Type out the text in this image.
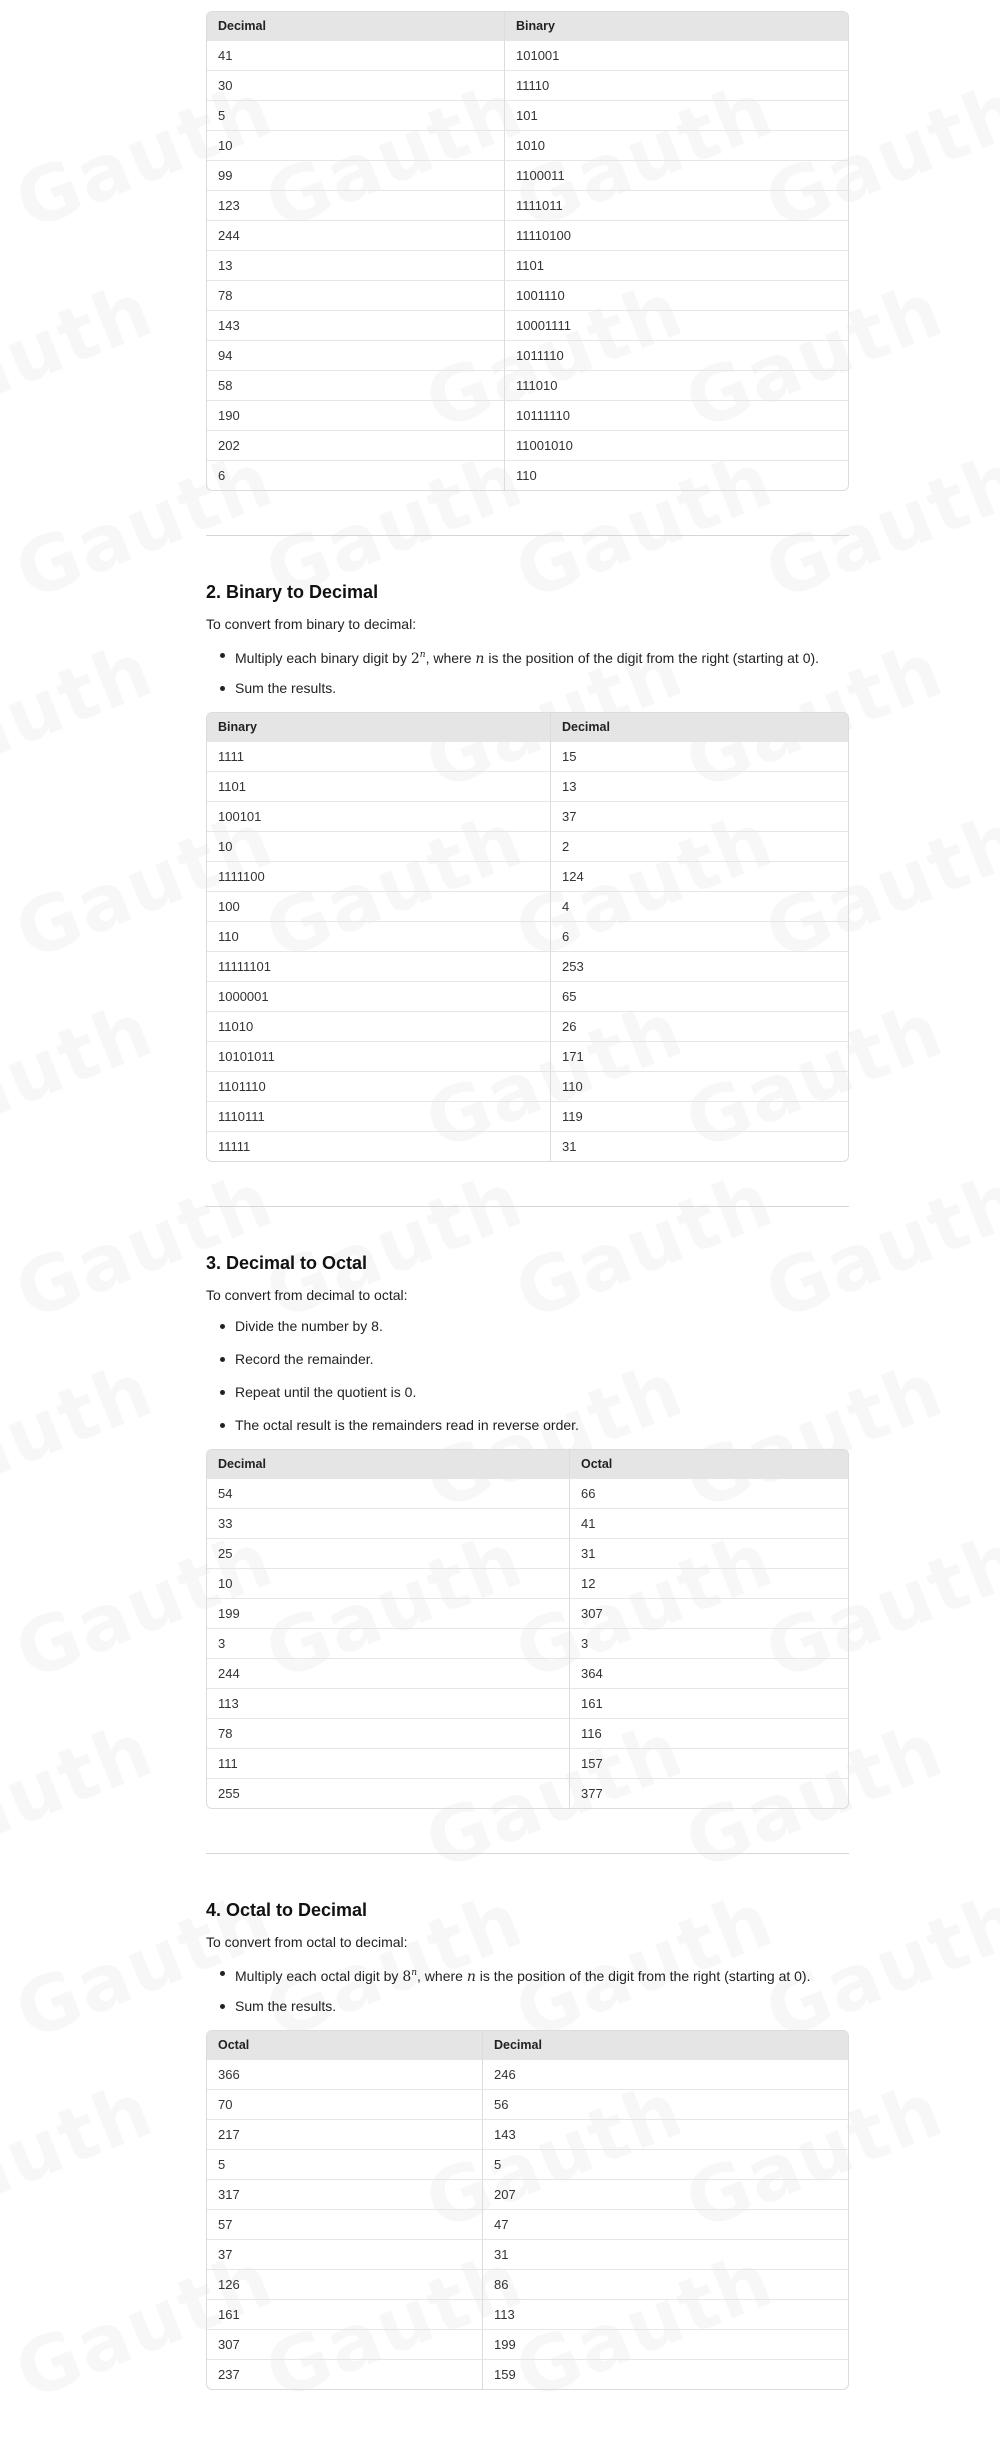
Decimal	Binary
41	101001
30	11110
5	101
10	1010
99	1100011
123	1111011
244	11110100
13	1101
78	1001110
143	10001111
94	1011110
58	111010
190	10111110
202	11001010
6	110
2. Binary to Decimal

To convert from binary to decimal:

Multiply each binary digit by 2$^n$, where n is the position of the digit from the right (starting at 0).
Sum the results.
Binary	Decimal
1111	15
1101	13
100101	37
10	2
1111100	124
100	4
110	6
11111101	253
1000001	65
11010	26
10101011	171
1101110	110
1110111	119
11111	31
3. Decimal to Octal

To convert from decimal to octal:

Divide the number by 8.
Record the remainder.
Repeat until the quotient is 0.
The octal result is the remainders read in reverse order.
Decimal	Octal
54	66
33	41
25	31
10	12
199	307
3	3
244	364
113	161
78	116
111	157
255	377
4. Octal to Decimal

To convert from octal to decimal:

Multiply each octal digit by 8$^n$, where n is the position of the digit from the right (starting at 0).
Sum the results.
Octal	Decimal
366	246
70	56
217	143
5	5
317	207
57	47
37	31
126	86
161	113
307	199
237	159
